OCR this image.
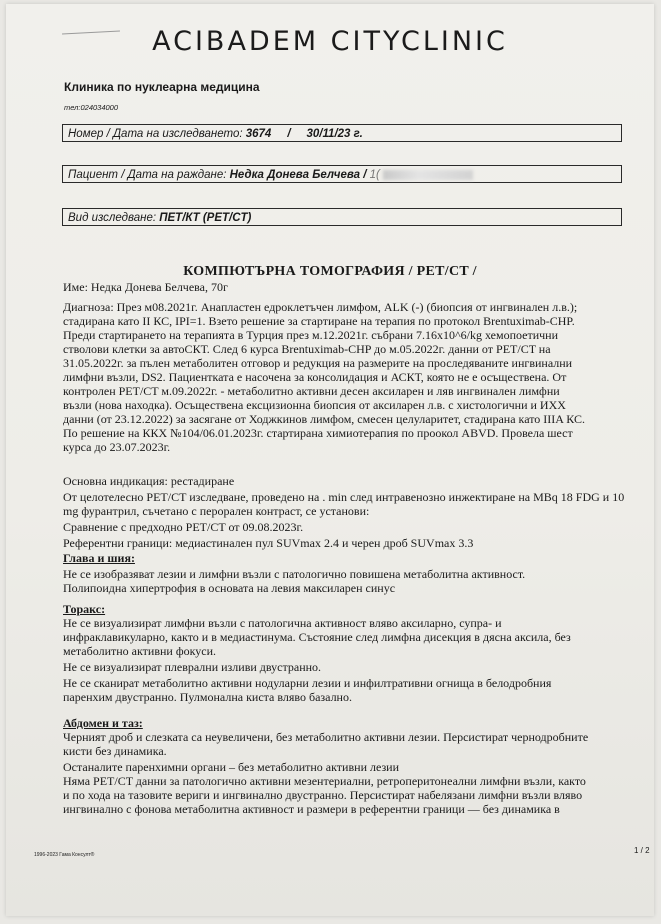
ACIBADEM CITYCLINIC
Клиника по нуклеарна медицина
тел:024034000
Номер / Дата на изследването: 3674 / 30/11/23 г.
Пациент / Дата на раждане: Недка Донева Белчева / 1(
Вид изследване: ПЕТ/КТ (PET/CT)
КОМПЮТЪРНА ТОМОГРАФИЯ / PET/CT /
Име: Недка Донева Белчева, 70г
Диагноза: През м08.2021г. Анапластен едроклетъчен лимфом, ALK (-) (биопсия от ингвинален л.в.);
стадирана като II КС, IPI=1. Взето решение за стартиране на терапия по протокол Brentuximab-CHP.
Преди стартирането на терапията в Турция през м.12.2021г. събрани 7.16x10^6/kg хемопоетични
стволови клетки за автоСКТ. След 6 курса Brentuximab-CHP до м.05.2022г. данни от PET/CT на
31.05.2022г. за пълен метаболитен отговор и редукция на размерите на проследяваните ингвинални
лимфни възли, DS2. Пациентката е насочена за консолидация и АСКТ, която не е осъществена. От
контролен PET/CT м.09.2022г. - метаболитно активни десен аксиларен и ляв ингвинален лимфни
възли (нова находка). Осъществена ексцизионна биопсия от аксиларен л.в. с хистологични и ИХХ
данни (от 23.12.2022) за засягане от Ходжкинов лимфом, смесен целуларитет, стадирана като IIIA КС.
По решение на ККХ №104/06.01.2023г. стартирана химиотерапия по проокол ABVD. Провела шест
курса до 23.07.2023г.
Основна индикация: рестадиране
От целотелесно PET/CT изследване, проведено на . min след интравенозно инжектиране на MBq 18 FDG и 10
mg фурантрил, съчетано с перорален контраст, се установи:
Сравнение с предходно PET/CT от 09.08.2023г.
Референтни граници: медиастинален пул SUVmax 2.4 и черен дроб SUVmax 3.3
Глава и шия:
Не се изобразяват лезии и лимфни възли с патологично повишена метаболитна активност.
Полипоидна хипертрофия в основата на левия максиларен синус
Торакс:
Не се визуализират лимфни възли с патологична активност вляво аксиларно, супра- и
инфраклавикуларно, както и в медиастинума. Състояние след лимфна дисекция в дясна аксила, без
метаболитно активни фокуси.
Не се визуализират плеврални изливи двустранно.
Не се сканират метаболитно активни нодуларни лезии и инфилтративни огнища в белодробния
паренхим двустранно. Пулмонална киста вляво базално.
Абдомен и таз:
Черният дроб и слезката са неувеличени, без метаболитно активни лезии. Персистират чернодробните
кисти без динамика.
Останалите паренхимни органи – без метаболитно активни лезии
Няма PET/CT данни за патологично активни мезентериални, ретроперитонеални лимфни възли, както
и по хода на тазовите вериги и ингвинално двустранно. Персистират набелязани лимфни възли вляво
ингвинално с фонова метаболитна активност и размери в референтни граници — без динамика в
1996-2023 Гама Консулт®	1 / 2
